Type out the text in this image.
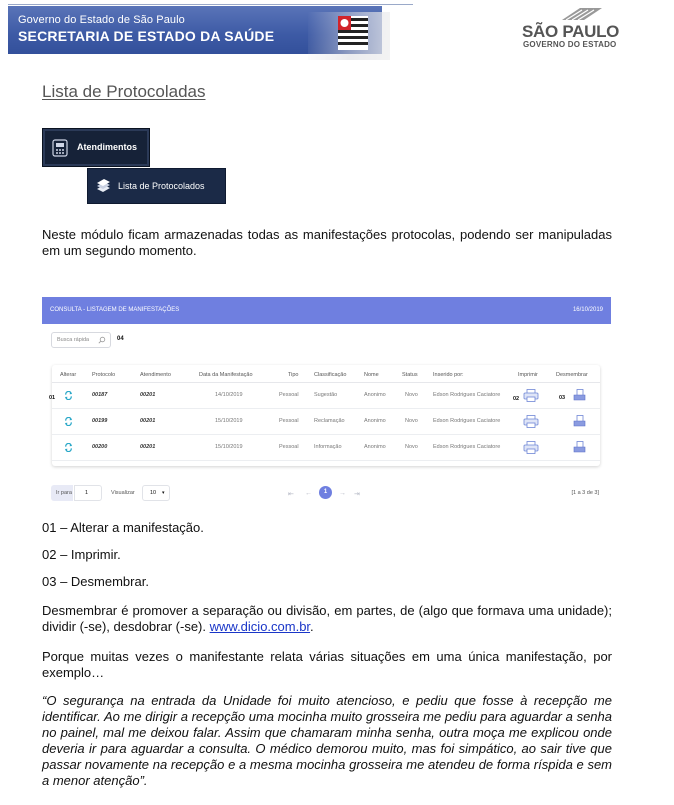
Governo do Estado de São Paulo
SECRETARIA DE ESTADO DA SAÚDE	SÃO PAULO
GOVERNO DO ESTADO
Lista de Protocoladas
Atendimentos
Lista de Protocolados

Neste módulo ficam armazenadas todas as manifestações protocolas, podendo ser manipuladas em um segundo momento.

CONSULTA - LISTAGEM DE MANIFESTAÇÕES	16/10/2019
Busca rápida	04
Alterar	Protocolo	Atendimento	Data da Manifestação	Tipo	Classificação	Nome	Status	Inserido por:	Imprimir	Desmembrar
00187	00201	14/10/2019	Pessoal	Sugestão	Anonimo	Novo	Edson Rodrigues Caciatore
00199	00201	15/10/2019	Pessoal	Reclamação	Anonimo	Novo	Edson Rodrigues Caciatore
00200	00201	15/10/2019	Pessoal	Informação	Anonimo	Novo	Edson Rodrigues Caciatore
01	02	03
Ir para 1	Visualizar	10 ▾	⇤ ←	1	→ ⇥	[1 a 3 de 3]

01 – Alterar a manifestação.

02 – Imprimir.

03 – Desmembrar.

Desmembrar é promover a separação ou divisão, em partes, de (algo que formava uma unidade); dividir (-se), desdobrar (-se). www.dicio.com.br.

Porque muitas vezes o manifestante relata várias situações em uma única manifestação, por exemplo…

“O segurança na entrada da Unidade foi muito atencioso, e pediu que fosse à recepção me identificar. Ao me dirigir a recepção uma mocinha muito grosseira me pediu para aguardar a senha no painel, mal me deixou falar. Assim que chamaram minha senha, outra moça me explicou onde deveria ir para aguardar a consulta. O médico demorou muito, mas foi simpático, ao sair tive que passar novamente na recepção e a mesma mocinha grosseira me atendeu de forma ríspida e sem a menor atenção”.
